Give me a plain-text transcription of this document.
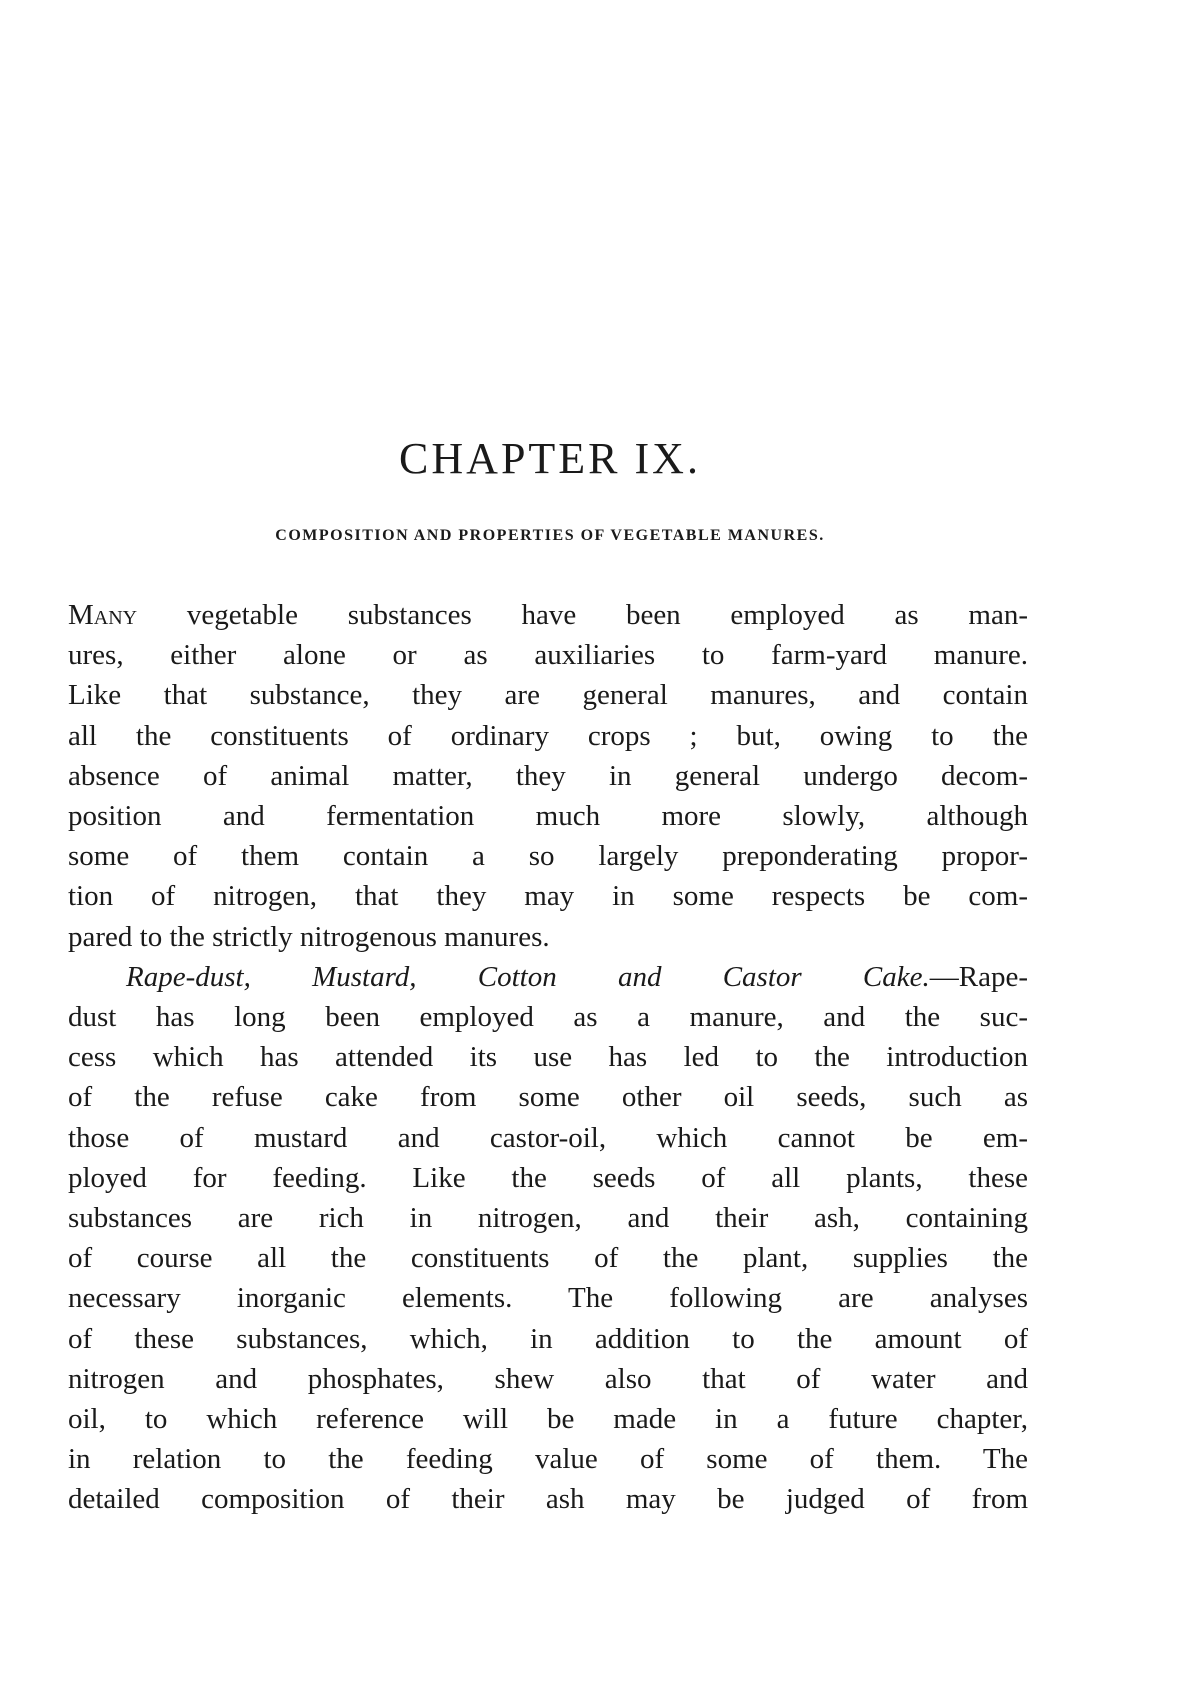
CHAPTER IX.
COMPOSITION AND PROPERTIES OF VEGETABLE MANURES.
Many vegetable substances have been employed as man-
ures, either alone or as auxiliaries to farm-yard manure.
Like that substance, they are general manures, and contain
all the constituents of ordinary crops ; but, owing to the
absence of animal matter, they in general undergo decom-
position and fermentation much more slowly, although
some of them contain a so largely preponderating propor-
tion of nitrogen, that they may in some respects be com-
pared to the strictly nitrogenous manures.
Rape-dust, Mustard, Cotton and Castor Cake.—Rape-
dust has long been employed as a manure, and the suc-
cess which has attended its use has led to the introduction
of the refuse cake from some other oil seeds, such as
those of mustard and castor-oil, which cannot be em-
ployed for feeding. Like the seeds of all plants, these
substances are rich in nitrogen, and their ash, containing
of course all the constituents of the plant, supplies the
necessary inorganic elements. The following are analyses
of these substances, which, in addition to the amount of
nitrogen and phosphates, shew also that of water and
oil, to which reference will be made in a future chapter,
in relation to the feeding value of some of them. The
detailed composition of their ash may be judged of from
